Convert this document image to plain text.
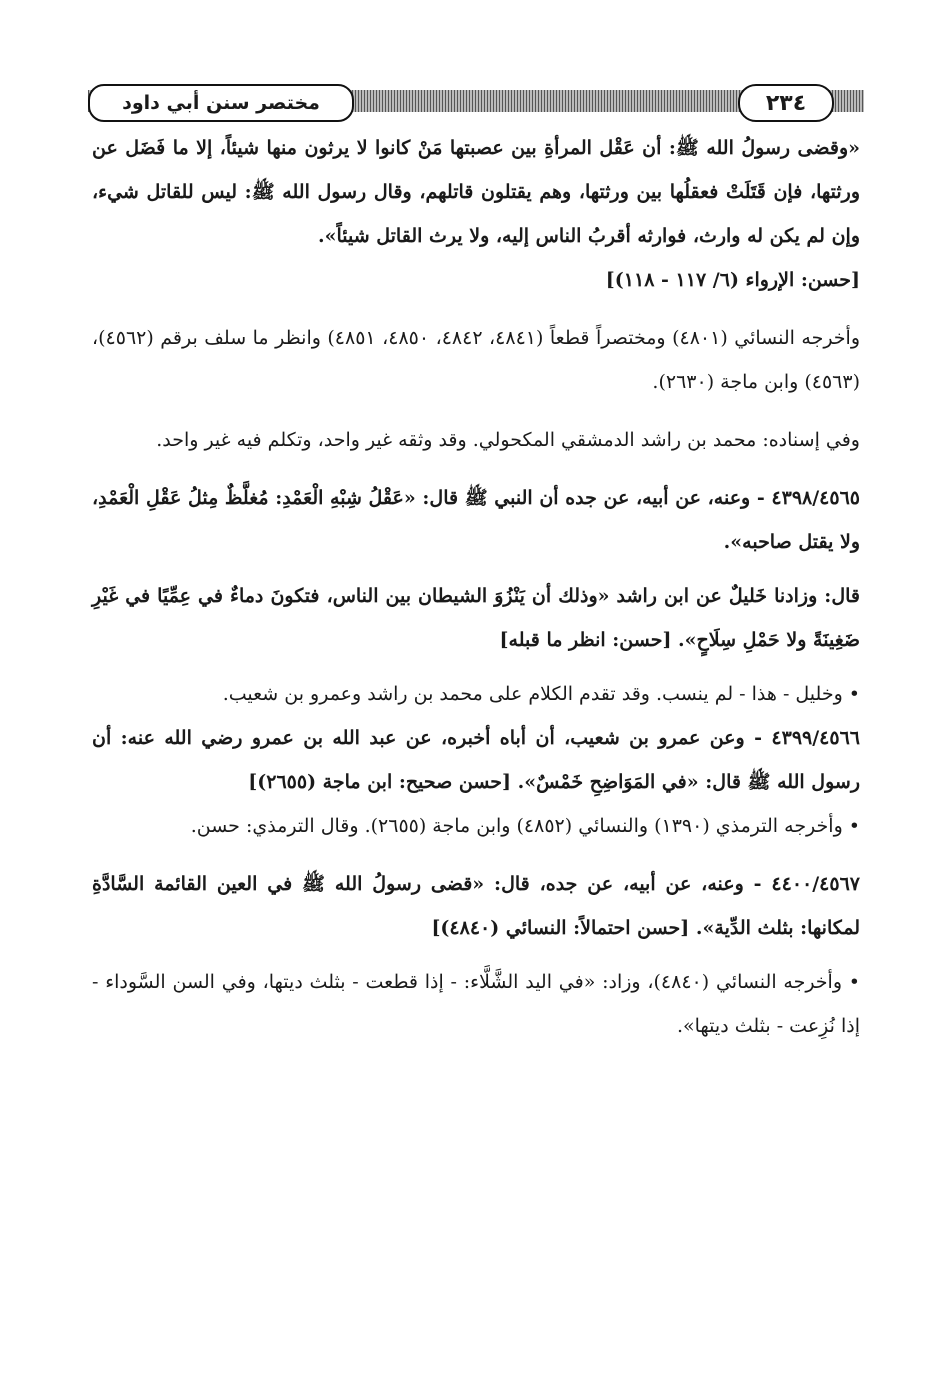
مختصر سنن أبي داود	٢٣٤

«وقضى رسولُ الله ﷺ: أن عَقْل المرأةِ بين عصبتها مَنْ كانوا لا يرثون منها شيئاً، إلا ما فَضَل عن ورثتها، فإن قَتَلَتْ فعقلُها بين ورثتها، وهم يقتلون قاتلهم، وقال رسول الله ﷺ: ليس للقاتل شيء، وإن لم يكن له وارث، فوارثه أقربُ الناس إليه، ولا يرث القاتل شيئاً».

[حسن: الإرواء (٦/ ١١٧ - ١١٨)]

وأخرجه النسائي (٤٨٠١) ومختصراً قطعاً (٤٨٤١، ٤٨٤٢، ٤٨٥٠، ٤٨٥١) وانظر ما سلف برقم (٤٥٦٢)، (٤٥٦٣) وابن ماجة (٢٦٣٠).

وفي إسناده: محمد بن راشد الدمشقي المكحولي. وقد وثقه غير واحد، وتكلم فيه غير واحد.

٤٣٩٨/٤٥٦٥ - وعنه، عن أبيه، عن جده أن النبي ﷺ قال: «عَقْلُ شِبْهِ الْعَمْدِ: مُغلَّظٌ مِثلُ عَقْلِ الْعَمْدِ، ولا يقتل صاحبه».

قال: وزادنا خَليلٌ عن ابن راشد «وذلك أن يَنْزُوَ الشيطان بين الناس، فتكونَ دماءٌ في عِمِّيًا في غَيْرِ ضَغِينَةً ولا حَمْلِ سِلَاحٍ». [حسن: انظر ما قبله]

• وخليل - هذا - لم ينسب. وقد تقدم الكلام على محمد بن راشد وعمرو بن شعيب.

٤٣٩٩/٤٥٦٦ - وعن عمرو بن شعيب، أن أباه أخبره، عن عبد الله بن عمرو رضي الله عنه: أن رسول الله ﷺ قال: «في المَوَاضِحِ خَمْسٌ». [حسن صحيح: ابن ماجة (٢٦٥٥)]

• وأخرجه الترمذي (١٣٩٠) والنسائي (٤٨٥٢) وابن ماجة (٢٦٥٥). وقال الترمذي: حسن.

٤٤٠٠/٤٥٦٧ - وعنه، عن أبيه، عن جده، قال: «قضى رسولُ الله ﷺ في العين القائمة السَّادَّةِ لمكانها: بثلث الدِّية». [حسن احتمالاً: النسائي (٤٨٤٠)]

• وأخرجه النسائي (٤٨٤٠)، وزاد: «في اليد الشَّلَّاء: - إذا قطعت - بثلث ديتها، وفي السن السَّوداء - إذا نُزِعت - بثلث ديتها».
